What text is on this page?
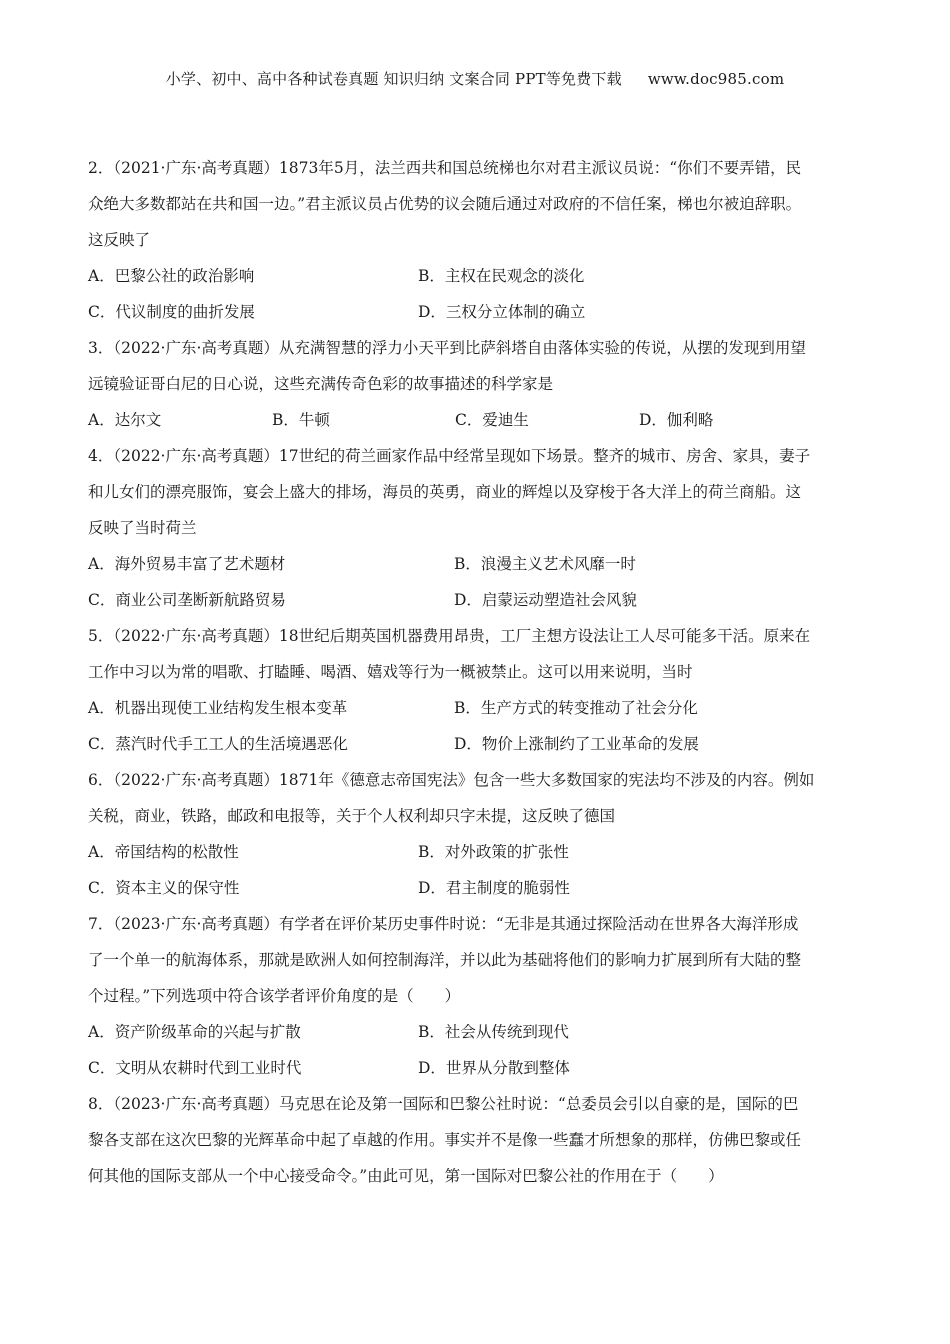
小学、初中、高中各种试卷真题 知识归纳 文案合同 PPT等免费下载 www.doc985.com
2．（2021·广东·高考真题）1873年5月，法兰西共和国总统梯也尔对君主派议员说：“你们不要弄错，民
众绝大多数都站在共和国一边。”君主派议员占优势的议会随后通过对政府的不信任案，梯也尔被迫辞职。
这反映了
A．巴黎公社的政治影响	B．主权在民观念的淡化
C．代议制度的曲折发展	D．三权分立体制的确立
3．（2022·广东·高考真题）从充满智慧的浮力小天平到比萨斜塔自由落体实验的传说，从摆的发现到用望
远镜验证哥白尼的日心说，这些充满传奇色彩的故事描述的科学家是
A．达尔文	B．牛顿	C．爱迪生	D．伽利略
4．（2022·广东·高考真题）17世纪的荷兰画家作品中经常呈现如下场景。整齐的城市、房舍、家具，妻子
和儿女们的漂亮服饰，宴会上盛大的排场，海员的英勇，商业的辉煌以及穿梭于各大洋上的荷兰商船。这
反映了当时荷兰
A．海外贸易丰富了艺术题材	B．浪漫主义艺术风靡一时
C．商业公司垄断新航路贸易	D．启蒙运动塑造社会风貌
5．（2022·广东·高考真题）18世纪后期英国机器费用昂贵，工厂主想方设法让工人尽可能多干活。原来在
工作中习以为常的唱歌、打瞌睡、喝酒、嬉戏等行为一概被禁止。这可以用来说明，当时
A．机器出现使工业结构发生根本变革	B．生产方式的转变推动了社会分化
C．蒸汽时代手工工人的生活境遇恶化	D．物价上涨制约了工业革命的发展
6．（2022·广东·高考真题）1871年《德意志帝国宪法》包含一些大多数国家的宪法均不涉及的内容。例如
关税，商业，铁路，邮政和电报等，关于个人权利却只字未提，这反映了德国
A．帝国结构的松散性	B．对外政策的扩张性
C．资本主义的保守性	D．君主制度的脆弱性
7．（2023·广东·高考真题）有学者在评价某历史事件时说：“无非是其通过探险活动在世界各大海洋形成
了一个单一的航海体系，那就是欧洲人如何控制海洋，并以此为基础将他们的影响力扩展到所有大陆的整
个过程。”下列选项中符合该学者评价角度的是（　　）
A．资产阶级革命的兴起与扩散	B．社会从传统到现代
C．文明从农耕时代到工业时代	D．世界从分散到整体
8．（2023·广东·高考真题）马克思在论及第一国际和巴黎公社时说：“总委员会引以自豪的是，国际的巴
黎各支部在这次巴黎的光辉革命中起了卓越的作用。事实并不是像一些蠢才所想象的那样，仿佛巴黎或任
何其他的国际支部从一个中心接受命令。”由此可见，第一国际对巴黎公社的作用在于（　　）
